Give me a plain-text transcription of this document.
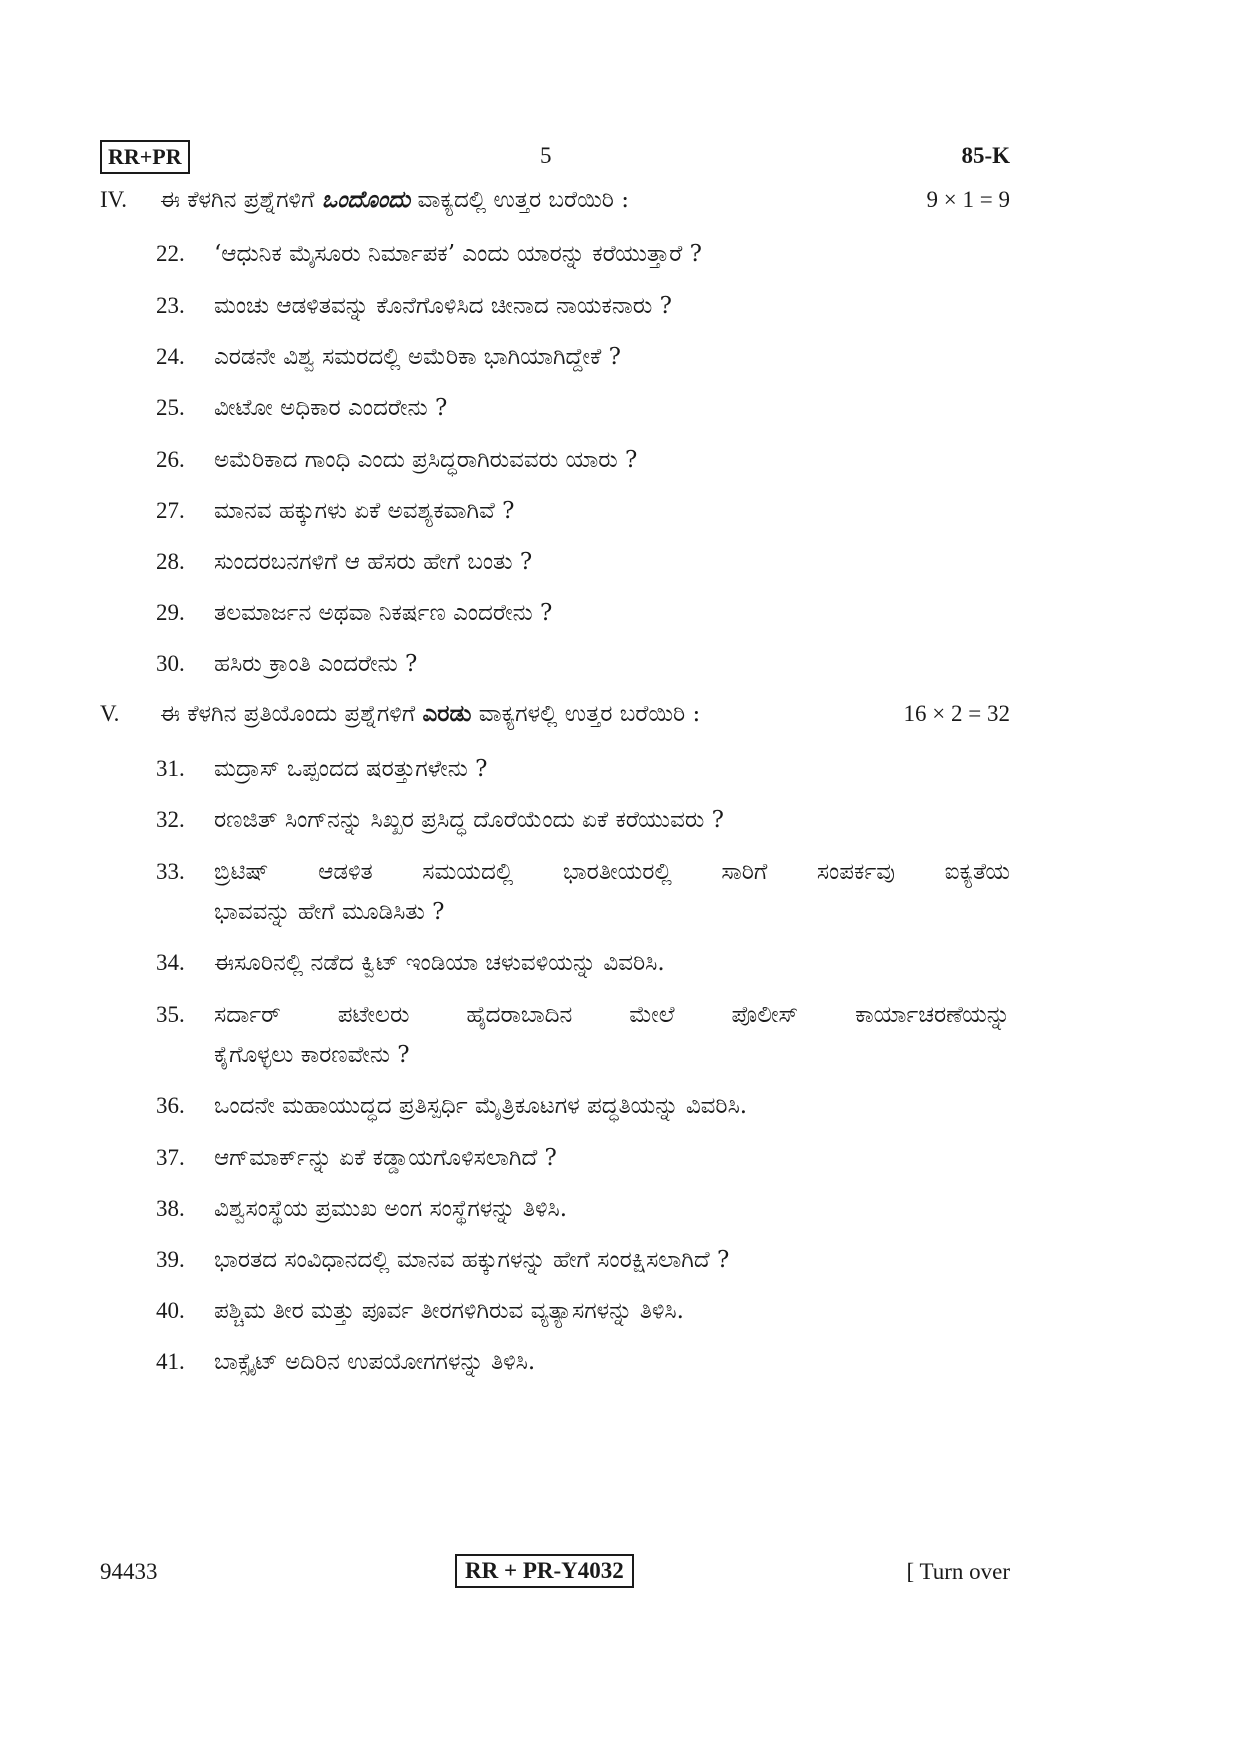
RR+PR	5	85-K
IV. ಈ ಕೆಳಗಿನ ಪ್ರಶ್ನೆಗಳಿಗೆ ಒಂದೊಂದು ವಾಕ್ಯದಲ್ಲಿ ಉತ್ತರ ಬರೆಯಿರಿ :	9 × 1 = 9
22. ‘ಆಧುನಿಕ ಮೈಸೂರು ನಿರ್ಮಾಪಕ’ ಎಂದು ಯಾರನ್ನು ಕರೆಯುತ್ತಾರೆ ?
23. ಮಂಚು ಆಡಳಿತವನ್ನು ಕೊನೆಗೊಳಿಸಿದ ಚೀನಾದ ನಾಯಕನಾರು ?
24. ಎರಡನೇ ವಿಶ್ವ ಸಮರದಲ್ಲಿ ಅಮೆರಿಕಾ ಭಾಗಿಯಾಗಿದ್ದೇಕೆ ?
25. ವೀಟೋ ಅಧಿಕಾರ ಎಂದರೇನು ?
26. ಅಮೆರಿಕಾದ ಗಾಂಧಿ ಎಂದು ಪ್ರಸಿದ್ಧರಾಗಿರುವವರು ಯಾರು ?
27. ಮಾನವ ಹಕ್ಕುಗಳು ಏಕೆ ಅವಶ್ಯಕವಾಗಿವೆ ?
28. ಸುಂದರಬನಗಳಿಗೆ ಆ ಹೆಸರು ಹೇಗೆ ಬಂತು ?
29. ತಲಮಾರ್ಜನ ಅಥವಾ ನಿಕರ್ಷಣ ಎಂದರೇನು ?
30. ಹಸಿರು ಕ್ರಾಂತಿ ಎಂದರೇನು ?
V. ಈ ಕೆಳಗಿನ ಪ್ರತಿಯೊಂದು ಪ್ರಶ್ನೆಗಳಿಗೆ ಎರಡು ವಾಕ್ಯಗಳಲ್ಲಿ ಉತ್ತರ ಬರೆಯಿರಿ :	16 × 2 = 32
31. ಮದ್ರಾಸ್ ಒಪ್ಪಂದದ ಷರತ್ತುಗಳೇನು ?
32. ರಣಜಿತ್ ಸಿಂಗ್‌ನನ್ನು ಸಿಖ್ಖರ ಪ್ರಸಿದ್ಧ ದೊರೆಯೆಂದು ಏಕೆ ಕರೆಯುವರು ?
33. ಬ್ರಿಟಿಷ್ ಆಡಳಿತ ಸಮಯದಲ್ಲಿ ಭಾರತೀಯರಲ್ಲಿ ಸಾರಿಗೆ ಸಂಪರ್ಕವು ಐಕ್ಯತೆಯ
ಭಾವವನ್ನು ಹೇಗೆ ಮೂಡಿಸಿತು ?
34. ಈಸೂರಿನಲ್ಲಿ ನಡೆದ ಕ್ವಿಟ್ ಇಂಡಿಯಾ ಚಳುವಳಿಯನ್ನು ವಿವರಿಸಿ.
35. ಸರ್ದಾರ್ ಪಟೇಲರು ಹೈದರಾಬಾದಿನ ಮೇಲೆ ಪೊಲೀಸ್ ಕಾರ್ಯಾಚರಣೆಯನ್ನು
ಕೈಗೊಳ್ಳಲು ಕಾರಣವೇನು ?
36. ಒಂದನೇ ಮಹಾಯುದ್ಧದ ಪ್ರತಿಸ್ಪರ್ಧಿ ಮೈತ್ರಿಕೂಟಗಳ ಪದ್ಧತಿಯನ್ನು ವಿವರಿಸಿ.
37. ಆಗ್‌ಮಾರ್ಕ್‌ನ್ನು ಏಕೆ ಕಡ್ಡಾಯಗೊಳಿಸಲಾಗಿದೆ ?
38. ವಿಶ್ವಸಂಸ್ಥೆಯ ಪ್ರಮುಖ ಅಂಗ ಸಂಸ್ಥೆಗಳನ್ನು ತಿಳಿಸಿ.
39. ಭಾರತದ ಸಂವಿಧಾನದಲ್ಲಿ ಮಾನವ ಹಕ್ಕುಗಳನ್ನು ಹೇಗೆ ಸಂರಕ್ಷಿಸಲಾಗಿದೆ ?
40. ಪಶ್ಚಿಮ ತೀರ ಮತ್ತು ಪೂರ್ವ ತೀರಗಳಿಗಿರುವ ವ್ಯತ್ಯಾಸಗಳನ್ನು ತಿಳಿಸಿ.
41. ಬಾಕ್ಸೈಟ್ ಅದಿರಿನ ಉಪಯೋಗಗಳನ್ನು ತಿಳಿಸಿ.
94433	RR + PR-Y4032	[ Turn over
